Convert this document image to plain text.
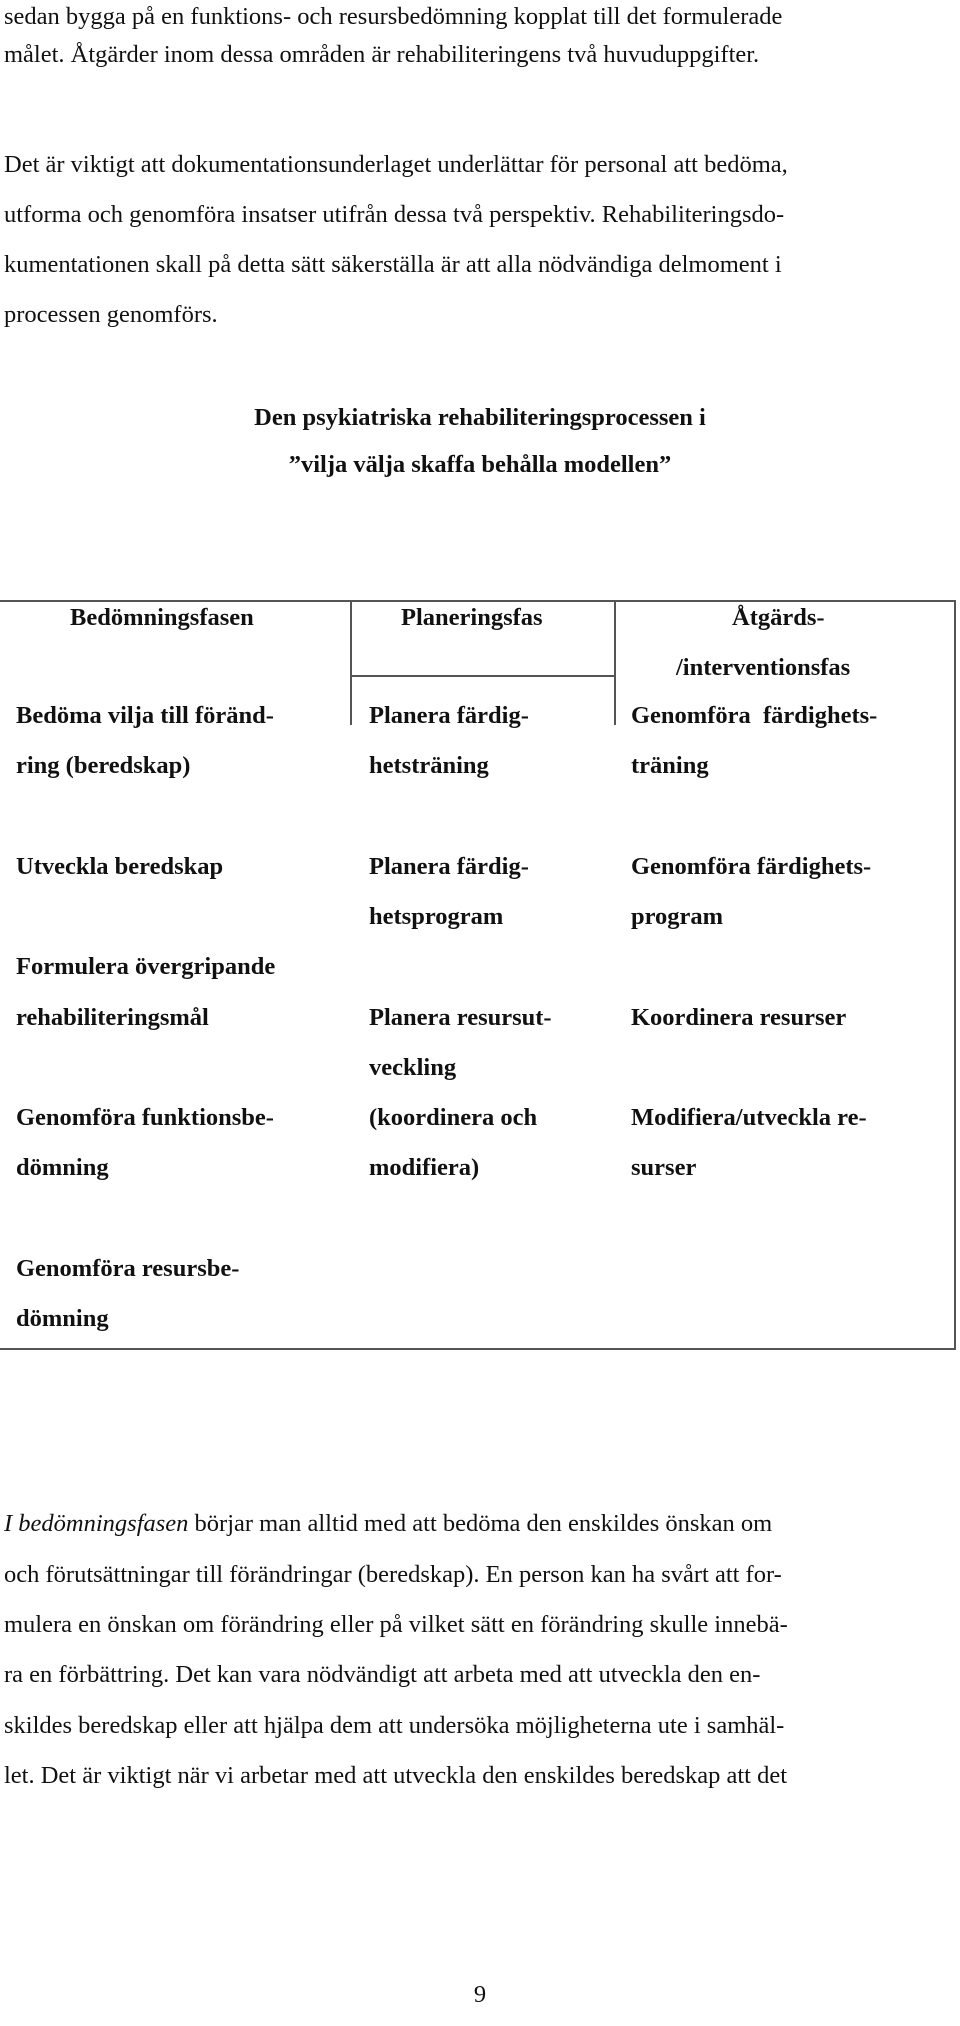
sedan bygga på en funktions- och resursbedömning kopplat till det formulerade
målet. Åtgärder inom dessa områden är rehabiliteringens två huvuduppgifter.
Det är viktigt att dokumentationsunderlaget underlättar för personal att bedöma,
utforma och genomföra insatser utifrån dessa två perspektiv. Rehabiliteringsdo-
kumentationen skall på detta sätt säkerställa är att alla nödvändiga delmoment i
processen genomförs.
Den psykiatriska rehabiliteringsprocessen i
”vilja välja skaffa behålla modellen”
Bedömningsfasen
Bedöma vilja till föränd-
ring (beredskap)
Utveckla beredskap
Formulera övergripande
rehabiliteringsmål
Genomföra funktionsbe-
dömning
Genomföra resursbe-
dömning
Planeringsfas
Planera färdig-
hetsträning
Planera färdig-
hetsprogram
Planera resursut-
veckling
(koordinera och
modifiera)
Åtgärds-
/interventionsfas
Genomföra  färdighets-
träning
Genomföra färdighets-
program
Koordinera resurser
Modifiera/utveckla re-
surser
I bedömningsfasen börjar man alltid med att bedöma den enskildes önskan om
och förutsättningar till förändringar (beredskap). En person kan ha svårt att for-
mulera en önskan om förändring eller på vilket sätt en förändring skulle innebä-
ra en förbättring. Det kan vara nödvändigt att arbeta med att utveckla den en-
skildes beredskap eller att hjälpa dem att undersöka möjligheterna ute i samhäl-
let. Det är viktigt när vi arbetar med att utveckla den enskildes beredskap att det
9
